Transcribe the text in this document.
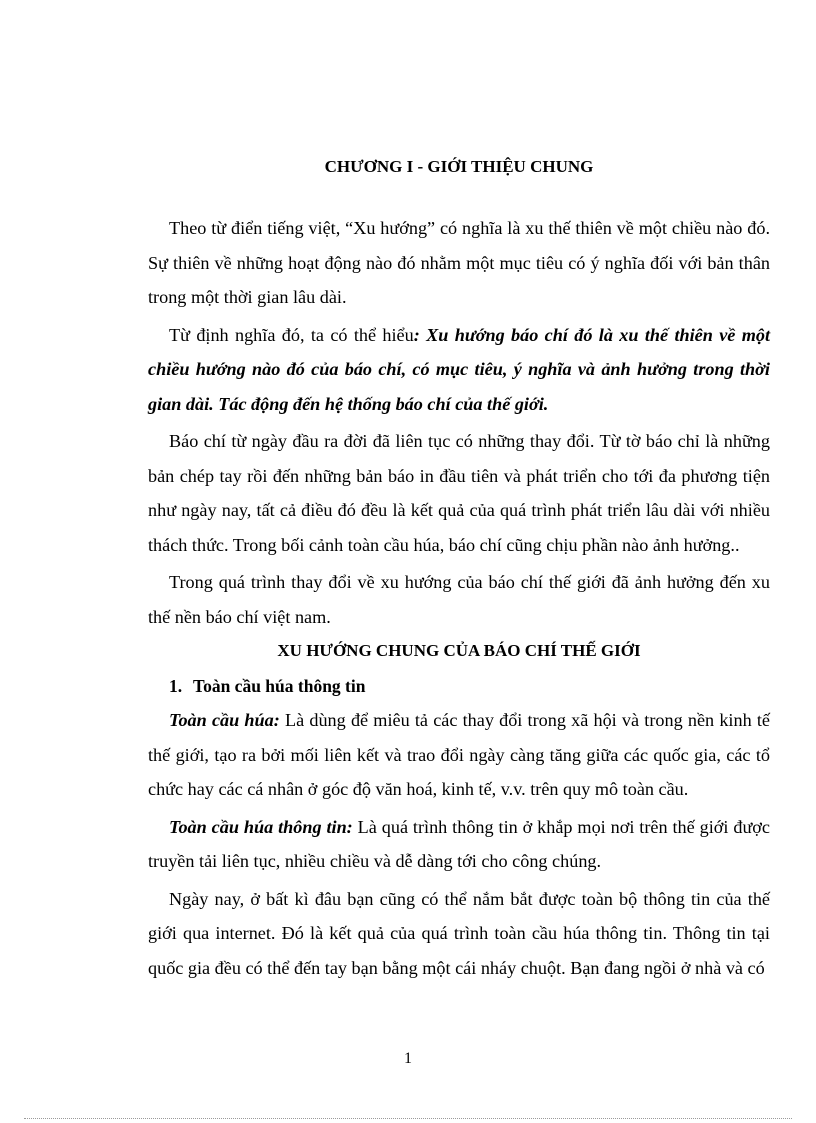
CHƯƠNG I - GIỚI THIỆU CHUNG

Theo từ điển tiếng việt, “Xu hướng” có nghĩa là xu thế thiên về một chiều nào đó. Sự thiên về những hoạt động nào đó nhằm một mục tiêu có ý nghĩa đối với bản thân trong một thời gian lâu dài.

Từ định nghĩa đó, ta có thể hiểu: Xu hướng báo chí đó là xu thế thiên về một chiều hướng nào đó của báo chí, có mục tiêu, ý nghĩa và ảnh hưởng trong thời gian dài. Tác động đến hệ thống báo chí của thế giới.

Báo chí từ ngày đầu ra đời đã liên tục có những thay đổi. Từ tờ báo chỉ là những bản chép tay rồi đến những bản báo in đầu tiên và phát triển cho tới đa phương tiện như ngày nay, tất cả điều đó đều là kết quả của quá trình phát triển lâu dài với nhiều thách thức. Trong bối cảnh toàn cầu húa, báo chí cũng chịu phần nào ảnh hưởng..

Trong quá trình thay đổi về xu hướng của báo chí thế giới đã ảnh hưởng đến xu thế nền báo chí việt nam.

XU HƯỚNG CHUNG CỦA BÁO CHÍ THẾ GIỚI
1. Toàn cầu húa thông tin

Toàn cầu húa: Là dùng để miêu tả các thay đổi trong xã hội và trong nền kinh tế thế giới, tạo ra bởi mối liên kết và trao đổi ngày càng tăng giữa các quốc gia, các tổ chức hay các cá nhân ở góc độ văn hoá, kinh tế, v.v. trên quy mô toàn cầu.

Toàn cầu húa thông tin: Là quá trình thông tin ở khắp mọi nơi trên thế giới được truyền tải liên tục, nhiều chiều và dễ dàng tới cho công chúng.

Ngày nay, ở bất kì đâu bạn cũng có thể nắm bắt được toàn bộ thông tin của thế giới qua internet. Đó là kết quả của quá trình toàn cầu húa thông tin. Thông tin tại quốc gia đều có thể đến tay bạn bằng một cái nháy chuột. Bạn đang ngồi ở nhà và có

1
